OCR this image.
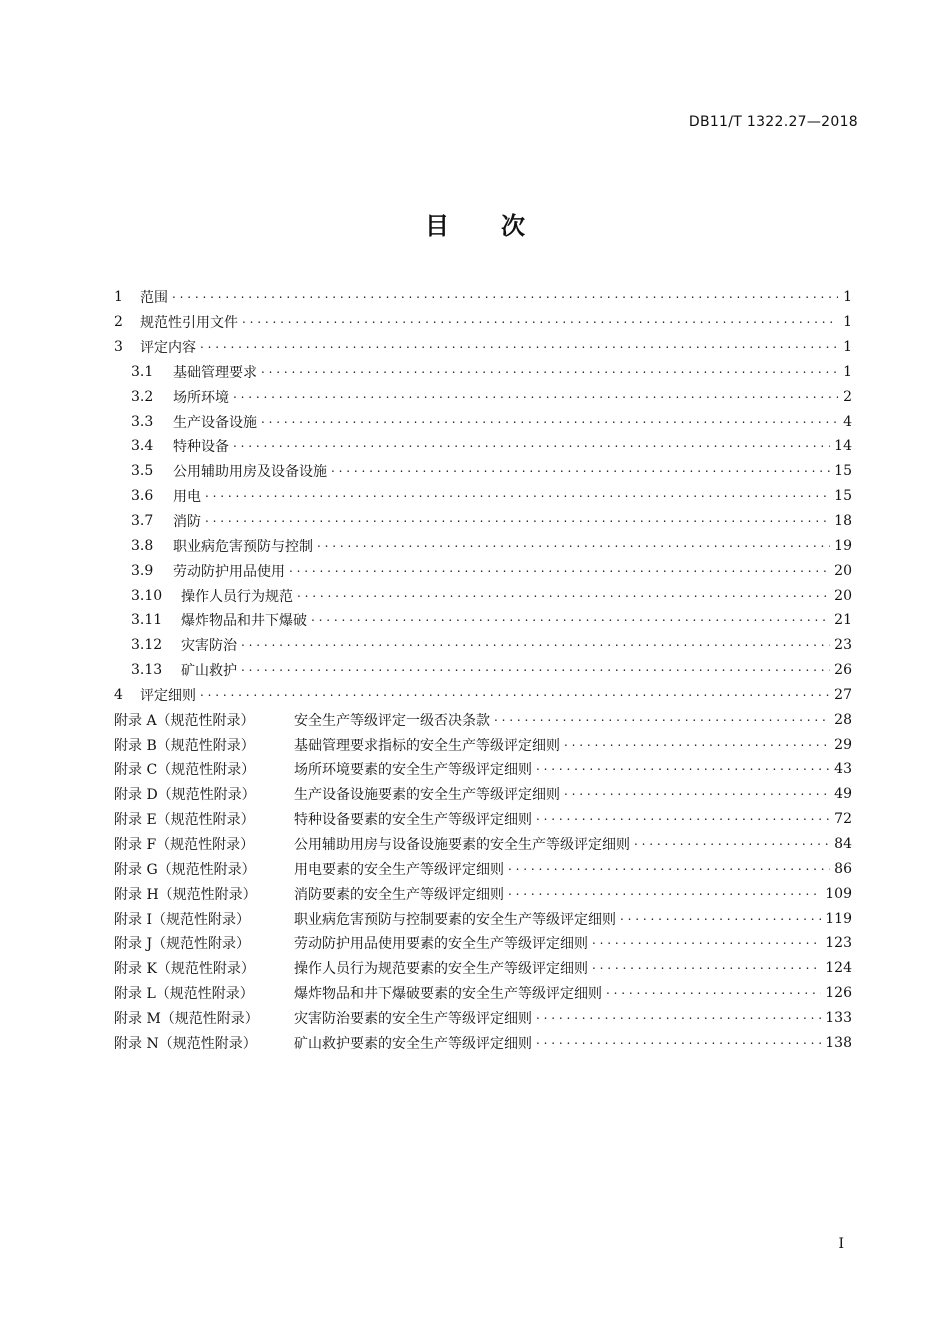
DB11/T 1322.27—2018
目 次
1	范围 . . .	1
2	规范性引用文件 . . .	1
3	评定内容 . . .	1
3.1	基础管理要求 . . .	1
3.2	场所环境 . . .	2
3.3	生产设备设施 . . .	4
3.4	特种设备 . . .	14
3.5	公用辅助用房及设备设施 . . .	15
3.6	用电 . . .	15
3.7	消防 . . .	18
3.8	职业病危害预防与控制 . . .	19
3.9	劳动防护用品使用 . . .	20
3.10	操作人员行为规范 . . .	20
3.11	爆炸物品和井下爆破 . . .	21
3.12	灾害防治 . . .	23
3.13	矿山救护 . . .	26
4	评定细则 . . .	27
附录 A（规范性附录）	安全生产等级评定一级否决条款 . . .	28
附录 B（规范性附录）	基础管理要求指标的安全生产等级评定细则 . . .	29
附录 C（规范性附录）	场所环境要素的安全生产等级评定细则 . . .	43
附录 D（规范性附录）	生产设备设施要素的安全生产等级评定细则 . . .	49
附录 E（规范性附录）	特种设备要素的安全生产等级评定细则 . . .	72
附录 F（规范性附录）	公用辅助用房与设备设施要素的安全生产等级评定细则 . . .	84
附录 G（规范性附录）	用电要素的安全生产等级评定细则 . . .	86
附录 H（规范性附录）	消防要素的安全生产等级评定细则 . . .	109
附录 I（规范性附录）	职业病危害预防与控制要素的安全生产等级评定细则 . . .	119
附录 J（规范性附录）	劳动防护用品使用要素的安全生产等级评定细则 . . .	123
附录 K（规范性附录）	操作人员行为规范要素的安全生产等级评定细则 . . .	124
附录 L（规范性附录）	爆炸物品和井下爆破要素的安全生产等级评定细则 . . .	126
附录 M（规范性附录）	灾害防治要素的安全生产等级评定细则 . . .	133
附录 N（规范性附录）	矿山救护要素的安全生产等级评定细则 . . .	138
I
